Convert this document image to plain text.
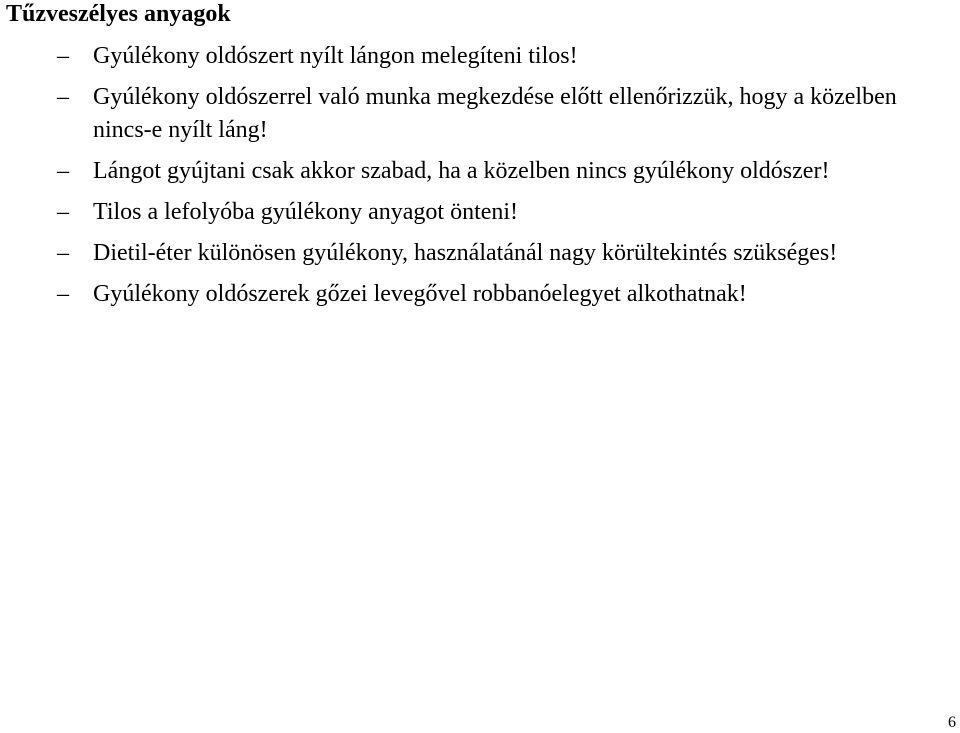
Tűzveszélyes anyagok
–	Gyúlékony oldószert nyílt lángon melegíteni tilos!
–	Gyúlékony oldószerrel való munka megkezdése előtt ellenőrizzük, hogy a közelben nincs-e nyílt láng!
–	Lángot gyújtani csak akkor szabad, ha a közelben nincs gyúlékony oldószer!
–	Tilos a lefolyóba gyúlékony anyagot önteni!
–	Dietil-éter különösen gyúlékony, használatánál nagy körültekintés szükséges!
–	Gyúlékony oldószerek gőzei levegővel robbanóelegyet alkothatnak!
6
